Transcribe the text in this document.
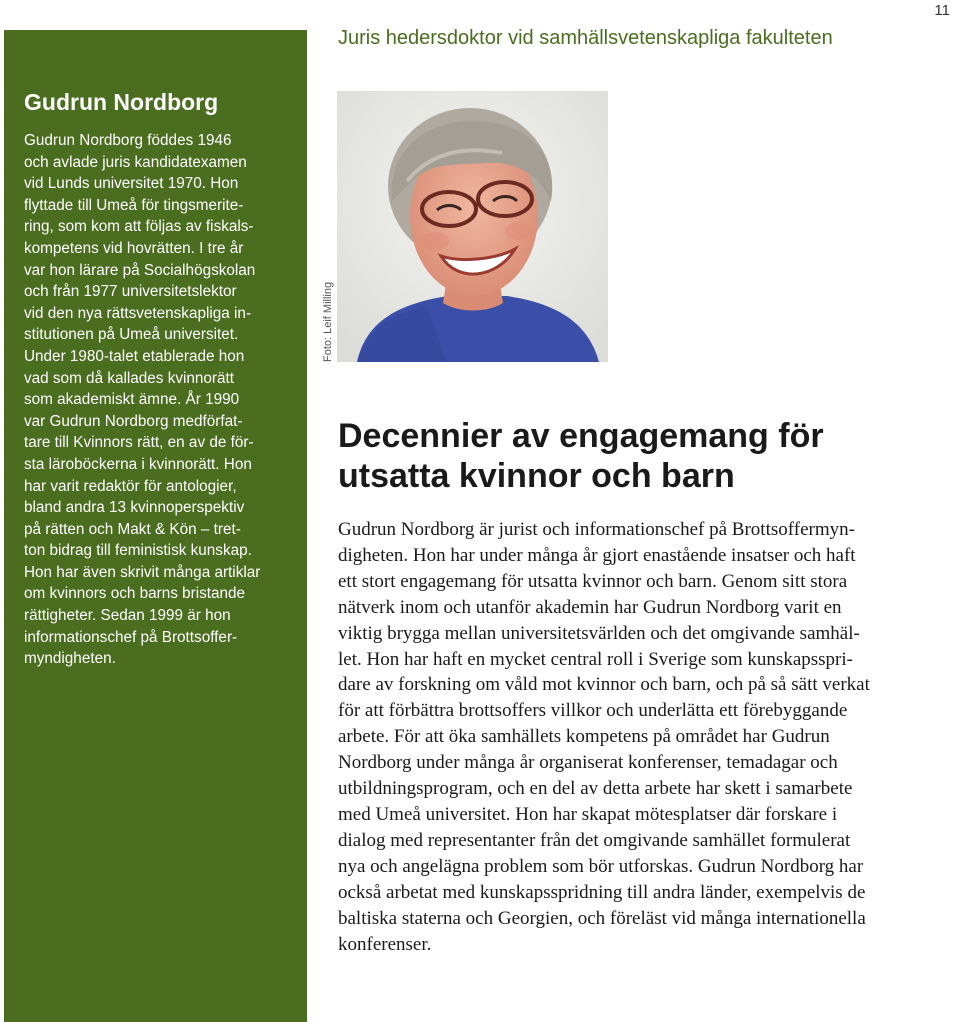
11
Juris hedersdoktor vid samhällsvetenskapliga fakulteten
Gudrun Nordborg
Gudrun Nordborg föddes 1946
och avlade juris kandidatexamen
vid Lunds universitet 1970. Hon
flyttade till Umeå för tingsmerite-
ring, som kom att följas av fiskals-
kompetens vid hovrätten. I tre år
var hon lärare på Socialhögskolan
och från 1977 universitetslektor
vid den nya rättsvetenskapliga in-
stitutionen på Umeå universitet.
Under 1980-talet etablerade hon
vad som då kallades kvinnorätt
som akademiskt ämne. År 1990
var Gudrun Nordborg medförfat-
tare till Kvinnors rätt, en av de för-
sta läroböckerna i kvinnorätt. Hon
har varit redaktör för antologier,
bland andra 13 kvinnoperspektiv
på rätten och Makt & Kön – tret-
ton bidrag till feministisk kunskap.
Hon har även skrivit många artiklar
om kvinnors och barns bristande
rättigheter. Sedan 1999 är hon
informationschef på Brottsoffer-
myndigheten.
Foto: Leif Milling
Decennier av engagemang för
utsatta kvinnor och barn
Gudrun Nordborg är jurist och informationschef på Brottsoffermyn-
digheten. Hon har under många år gjort enastående insatser och haft
ett stort engagemang för utsatta kvinnor och barn. Genom sitt stora
nätverk inom och utanför akademin har Gudrun Nordborg varit en
viktig brygga mellan universitetsvärlden och det omgivande samhäl-
let. Hon har haft en mycket central roll i Sverige som kunskapsspri-
dare av forskning om våld mot kvinnor och barn, och på så sätt verkat
för att förbättra brottsoffers villkor och underlätta ett förebyggande
arbete. För att öka samhällets kompetens på området har Gudrun
Nordborg under många år organiserat konferenser, temadagar och
utbildningsprogram, och en del av detta arbete har skett i samarbete
med Umeå universitet. Hon har skapat mötesplatser där forskare i
dialog med representanter från det omgivande samhället formulerat
nya och angelägna problem som bör utforskas. Gudrun Nordborg har
också arbetat med kunskapsspridning till andra länder, exempelvis de
baltiska staterna och Georgien, och föreläst vid många internationella
konferenser.
